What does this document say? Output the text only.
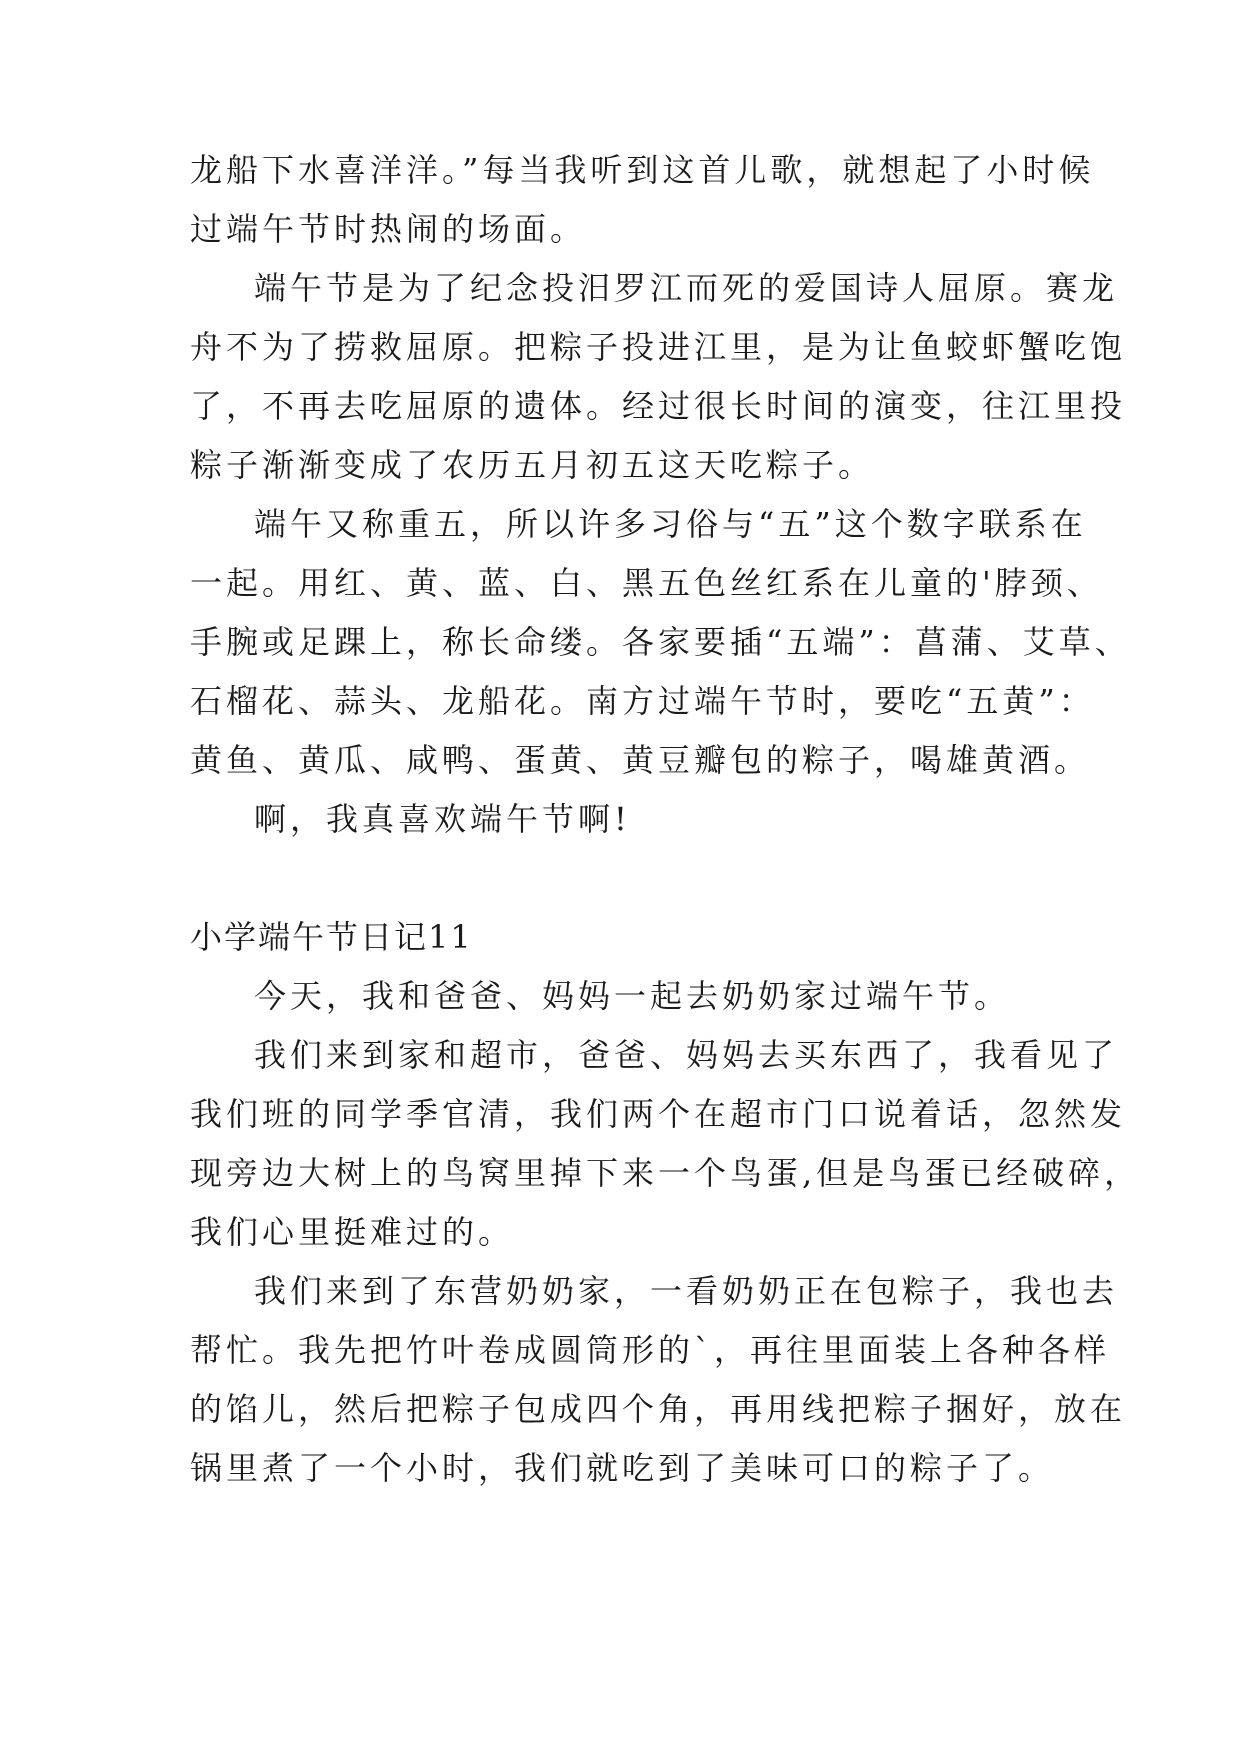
龙船下水喜洋洋。”每当我听到这首儿歌，就想起了小时候
过端午节时热闹的场面。
端午节是为了纪念投汨罗江而死的爱国诗人屈原。赛龙
舟不为了捞救屈原。把粽子投进江里，是为让鱼蛟虾蟹吃饱
了，不再去吃屈原的遗体。经过很长时间的演变，往江里投
粽子渐渐变成了农历五月初五这天吃粽子。
端午又称重五，所以许多习俗与“五”这个数字联系在
一起。用红、黄、蓝、白、黑五色丝红系在儿童的'脖颈、
手腕或足踝上，称长命缕。各家要插“五端”：菖蒲、艾草、
石榴花、蒜头、龙船花。南方过端午节时，要吃“五黄”：
黄鱼、黄瓜、咸鸭、蛋黄、黄豆瓣包的粽子，喝雄黄酒。
啊，我真喜欢端午节啊!
小学端午节日记11
今天，我和爸爸、妈妈一起去奶奶家过端午节。
我们来到家和超市，爸爸、妈妈去买东西了，我看见了
我们班的同学季官清，我们两个在超市门口说着话，忽然发
现旁边大树上的鸟窝里掉下来一个鸟蛋,但是鸟蛋已经破碎，
我们心里挺难过的。
我们来到了东营奶奶家，一看奶奶正在包粽子，我也去
帮忙。我先把竹叶卷成圆筒形的`，再往里面装上各种各样
的馅儿，然后把粽子包成四个角，再用线把粽子捆好，放在
锅里煮了一个小时，我们就吃到了美味可口的粽子了。
